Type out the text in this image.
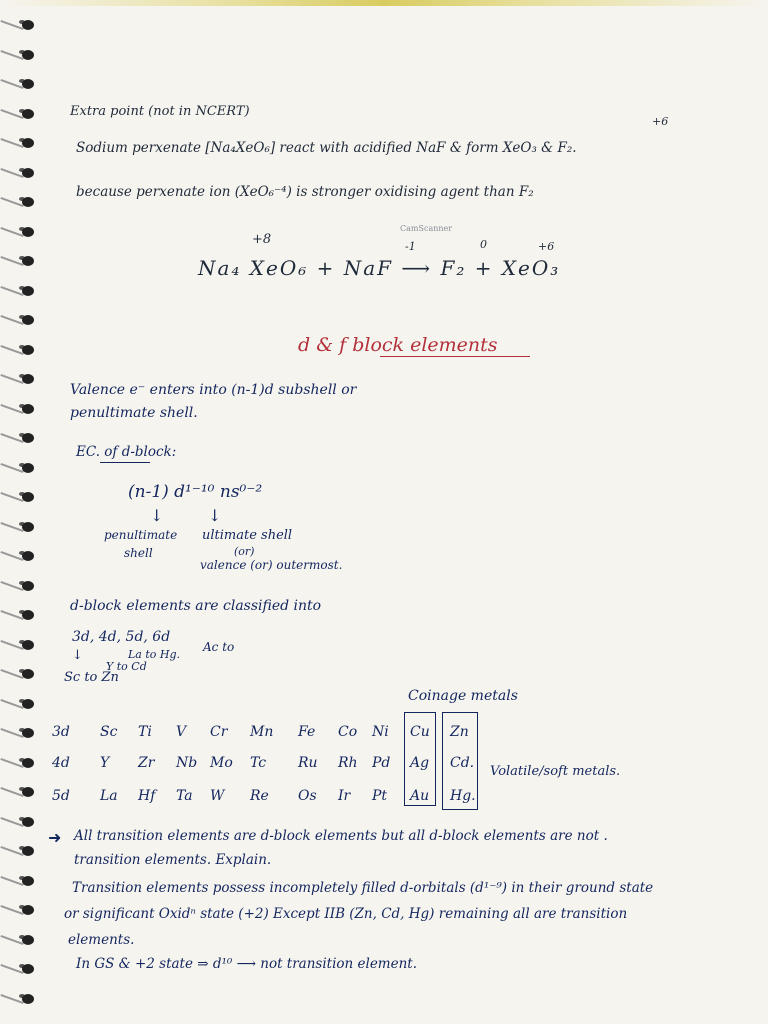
Extra point (not in NCERT)
+6
Sodium perxenate [Na₄XeO₆] react with acidified NaF & form XeO₃ & F₂.
because perxenate ion (XeO₆⁻⁴) is stronger oxidising agent than F₂
+8	-1	0	+6
Na₄ XeO₆ + NaF ⟶ F₂ + XeO₃
CamScanner
d & f block elements
Valence e⁻ enters into (n-1)d subshell or
penultimate shell.
EC. of d-block:
(n-1) d¹⁻¹⁰ ns⁰⁻²
↓	↓
penultimate
shell
ultimate shell
(or)
valence (or) outermost.
d-block elements are classified into
3d, 4d, 5d, 6d
Ac to
La to Hg.
Y to Cd
↓
Sc to Zn
Coinage metals
3d Sc Ti V Cr Mn Fe Co Ni Cu Zn
4d Y Zr Nb Mo Tc Ru Rh Pd Ag Cd.
5d La Hf Ta W Re Os Ir Pt Au Hg.
Volatile/soft metals.
➜ All transition elements are d-block elements but all d-block elements are not .
transition elements. Explain.
Transition elements possess incompletely filled d-orbitals (d¹⁻⁹) in their ground state
or significant Oxidⁿ state (+2) Except IIB (Zn, Cd, Hg) remaining all are transition
elements.
In GS & +2 state ⇒ d¹⁰ ⟶ not transition element.
